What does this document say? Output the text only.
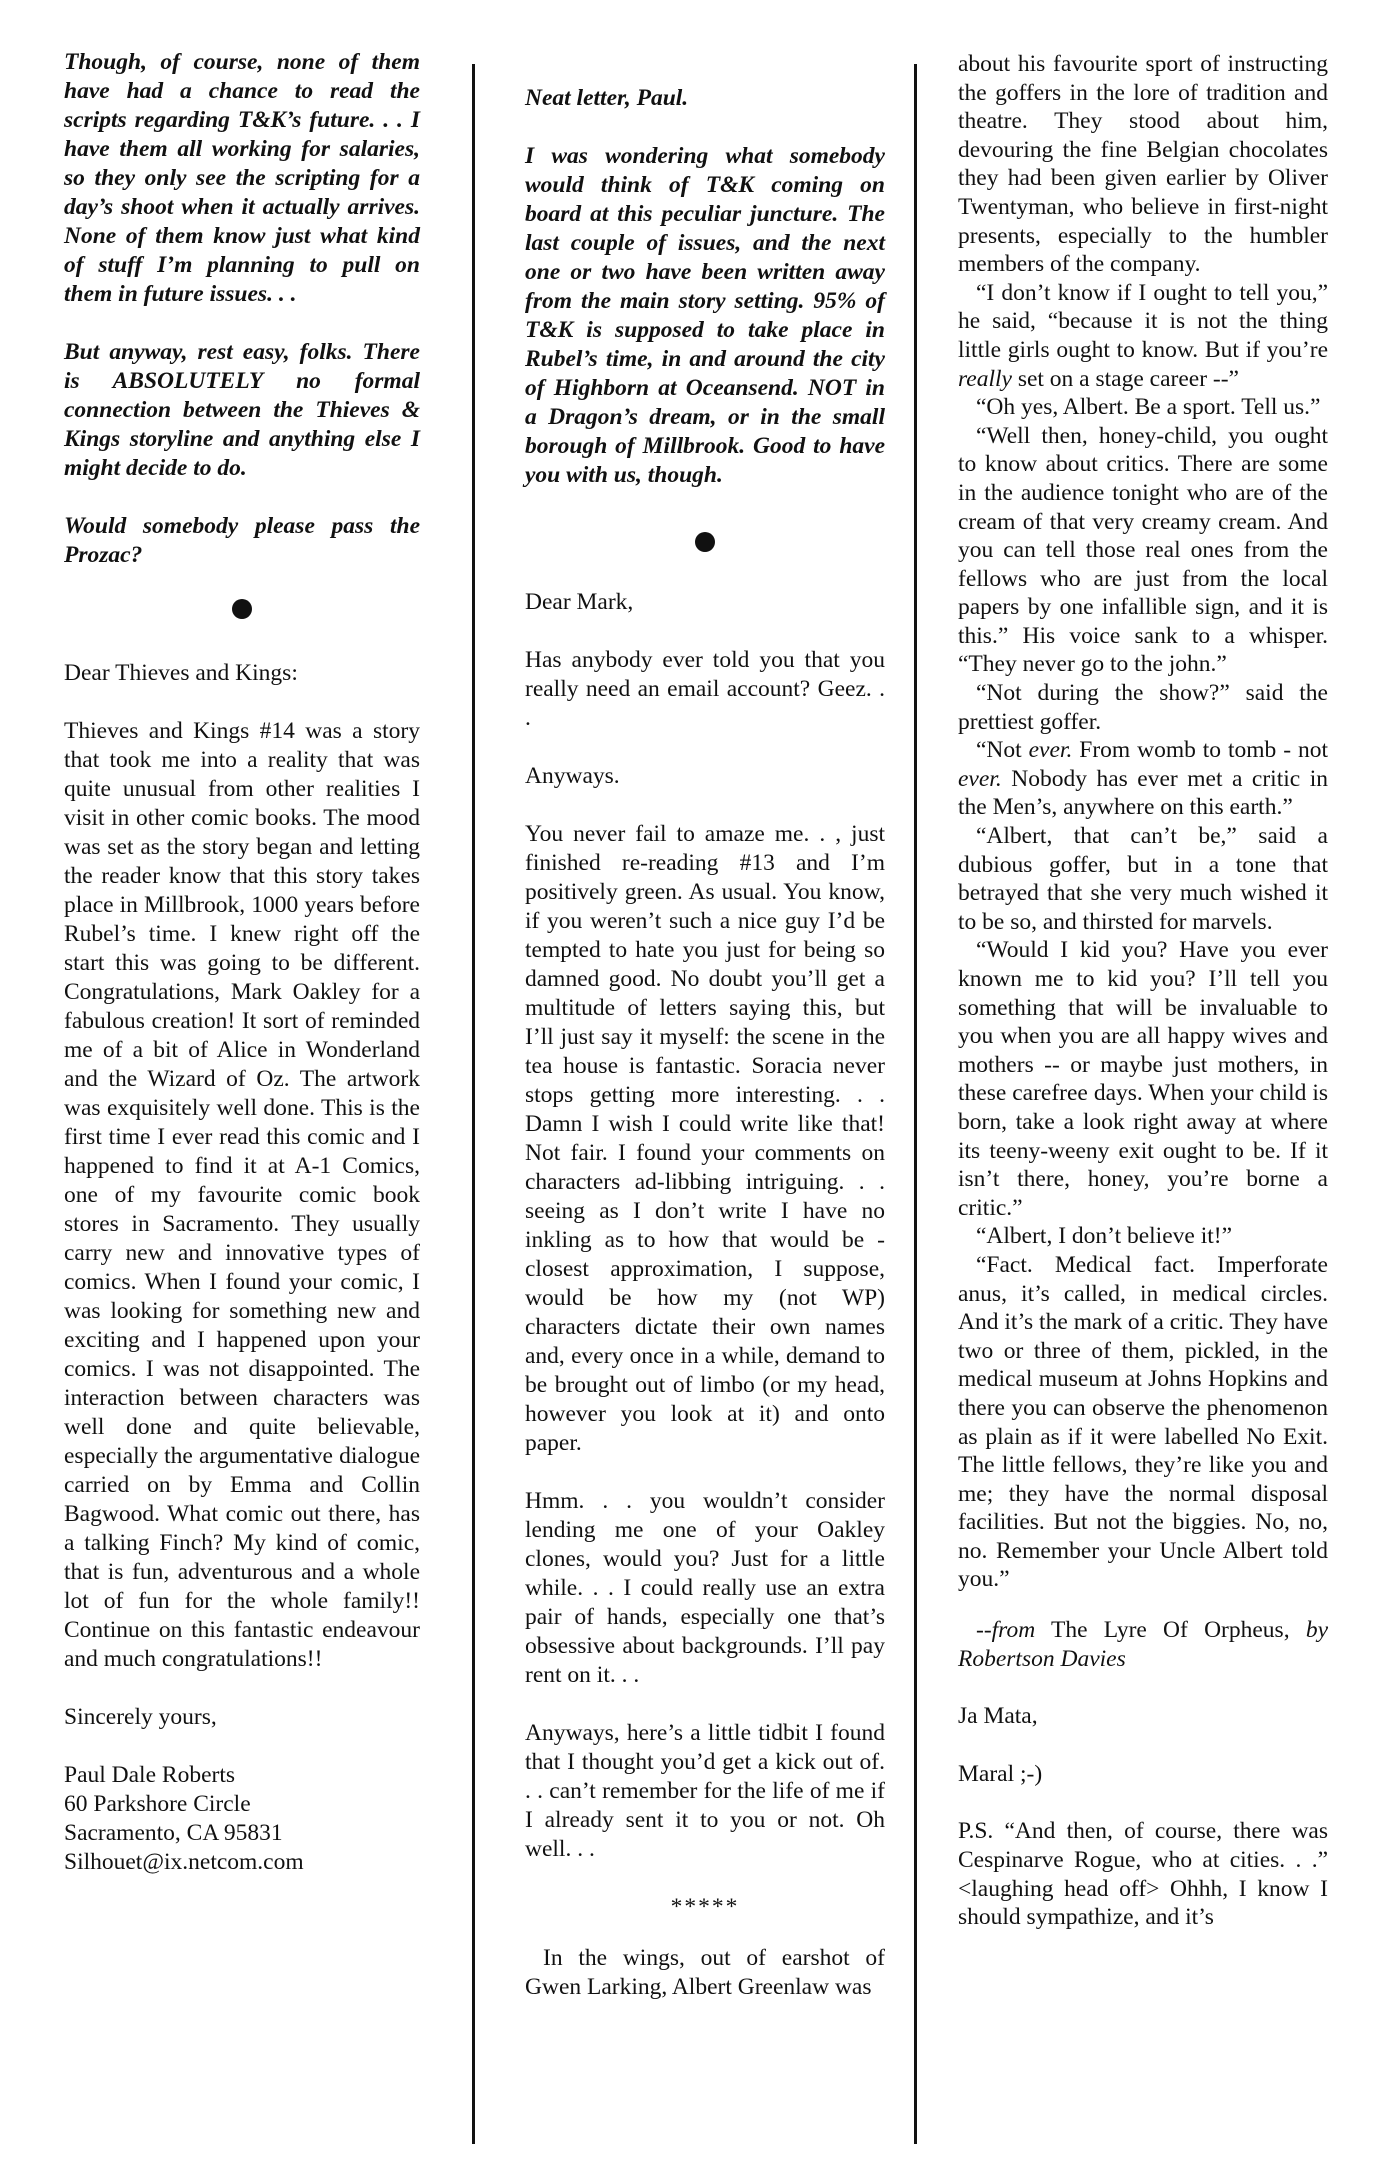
Though, of course, none of them have had a chance to read the scripts regarding T&K’s future. . . I have them all working for salaries, so they only see the scripting for a day’s shoot when it actually arrives. None of them know just what kind of stuff I’m planning to pull on them in future issues. . .

But anyway, rest easy, folks. There is ABSOLUTELY no formal connection between the Thieves & Kings storyline and anything else I might decide to do.

Would somebody please pass the Prozac?

Dear Thieves and Kings:

Thieves and Kings #14 was a story that took me into a reality that was quite unusual from other realities I visit in other comic books. The mood was set as the story began and letting the reader know that this story takes place in Millbrook, 1000 years before Rubel’s time. I knew right off the start this was going to be different. Congratulations, Mark Oakley for a fabulous creation! It sort of reminded me of a bit of Alice in Wonderland and the Wizard of Oz. The artwork was exquisitely well done. This is the first time I ever read this comic and I happened to find it at A-1 Comics, one of my favourite comic book stores in Sacramento. They usually carry new and innovative types of comics. When I found your comic, I was looking for something new and exciting and I happened upon your comics. I was not disappointed. The interaction between characters was well done and quite believable, especially the argumentative dialogue carried on by Emma and Collin Bagwood. What comic out there, has a talking Finch? My kind of comic, that is fun, adventurous and a whole lot of fun for the whole family!! Continue on this fantastic endeavour and much congratulations!!

Sincerely yours,

Paul Dale Roberts

60 Parkshore Circle

Sacramento, CA 95831

Silhouet@ix.netcom.com

Neat letter, Paul.

I was wondering what somebody would think of T&K coming on board at this peculiar juncture. The last couple of issues, and the next one or two have been written away from the main story setting. 95% of T&K is supposed to take place in Rubel’s time, in and around the city of Highborn at Oceansend. NOT in a Dragon’s dream, or in the small borough of Millbrook. Good to have you with us, though.

Dear Mark,

Has anybody ever told you that you really need an email account? Geez. . .

Anyways.

You never fail to amaze me. . , just finished re-reading #13 and I’m positively green. As usual. You know, if you weren’t such a nice guy I’d be tempted to hate you just for being so damned good. No doubt you’ll get a multitude of letters saying this, but I’ll just say it myself: the scene in the tea house is fantastic. Soracia never stops getting more interesting. . . Damn I wish I could write like that! Not fair. I found your comments on characters ad-libbing intriguing. . . seeing as I don’t write I have no inkling as to how that would be - closest approximation, I suppose, would be how my (not WP) characters dictate their own names and, every once in a while, demand to be brought out of limbo (or my head, however you look at it) and onto paper.

Hmm. . . you wouldn’t consider lending me one of your Oakley clones, would you? Just for a little while. . . I could really use an extra pair of hands, especially one that’s obsessive about backgrounds. I’ll pay rent on it. . .

Anyways, here’s a little tidbit I found that I thought you’d get a kick out of. . . can’t remember for the life of me if I already sent it to you or not. Oh well. . .

*****

In the wings, out of earshot of Gwen Larking, Albert Greenlaw was

about his favourite sport of instructing the goffers in the lore of tradition and theatre. They stood about him, devouring the fine Belgian chocolates they had been given earlier by Oliver Twentyman, who believe in first-night presents, especially to the humbler members of the company.

“I don’t know if I ought to tell you,” he said, “because it is not the thing little girls ought to know. But if you’re really set on a stage career --”

“Oh yes, Albert. Be a sport. Tell us.”

“Well then, honey-child, you ought to know about critics. There are some in the audience tonight who are of the cream of that very creamy cream. And you can tell those real ones from the fellows who are just from the local papers by one infallible sign, and it is this.” His voice sank to a whisper. “They never go to the john.”

“Not during the show?” said the prettiest goffer.

“Not ever. From womb to tomb - not ever. Nobody has ever met a critic in the Men’s, anywhere on this earth.”

“Albert, that can’t be,” said a dubious goffer, but in a tone that betrayed that she very much wished it to be so, and thirsted for marvels.

“Would I kid you? Have you ever known me to kid you? I’ll tell you something that will be invaluable to you when you are all happy wives and mothers -- or maybe just mothers, in these carefree days. When your child is born, take a look right away at where its teeny-weeny exit ought to be. If it isn’t there, honey, you’re borne a critic.”

“Albert, I don’t believe it!”

“Fact. Medical fact. Imperforate anus, it’s called, in medical circles. And it’s the mark of a critic. They have two or three of them, pickled, in the medical museum at Johns Hopkins and there you can observe the phenomenon as plain as if it were labelled No Exit. The little fellows, they’re like you and me; they have the normal disposal facilities. But not the biggies. No, no, no. Remember your Uncle Albert told you.”

--from The Lyre Of Orpheus, by Robertson Davies

Ja Mata,

Maral ;-)

P.S. “And then, of course, there was Cespinarve Rogue, who at cities. . .” <laughing head off> Ohhh, I know I should sympathize, and it’s
